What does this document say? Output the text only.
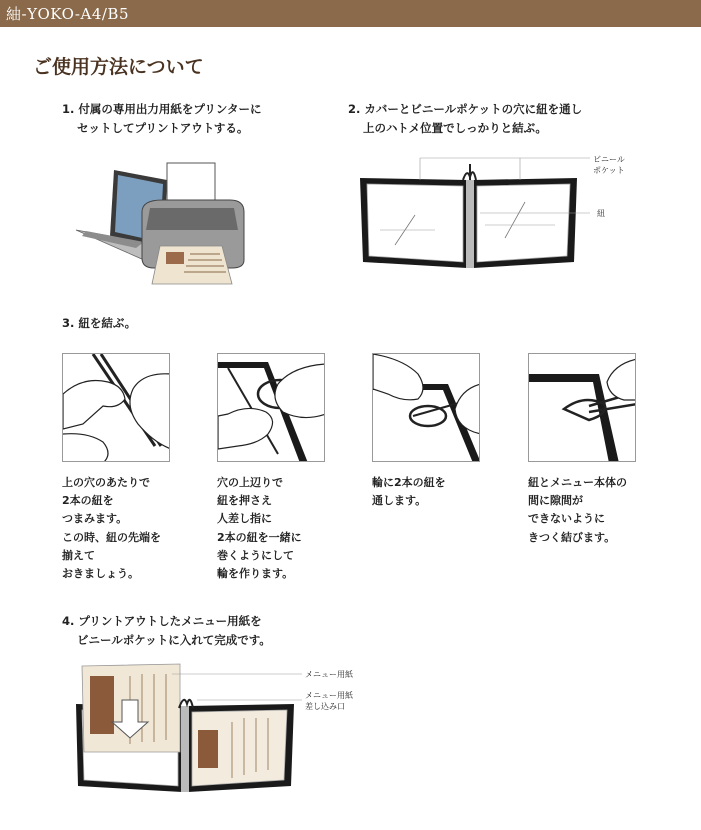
紬-YOKO-A4/B5
ご使用方法について
1. 付属の専用出力用紙をプリンターに
セットしてプリントアウトする。
2. カバーとビニールポケットの穴に紐を通し
上のハトメ位置でしっかりと結ぶ。
ビニール
ポケット
紐
3. 紐を結ぶ。
上の穴のあたりで
2本の紐を
つまみます。
この時、紐の先端を
揃えて
おきましょう。
穴の上辺りで
紐を押さえ
人差し指に
2本の紐を一緒に
巻くようにして
輪を作ります。
輪に2本の紐を
通します。
紐とメニュー本体の
間に隙間が
できないように
きつく結びます。
4. プリントアウトしたメニュー用紙を
ビニールポケットに入れて完成です。
メニュー用紙
メニュー用紙
差し込み口
